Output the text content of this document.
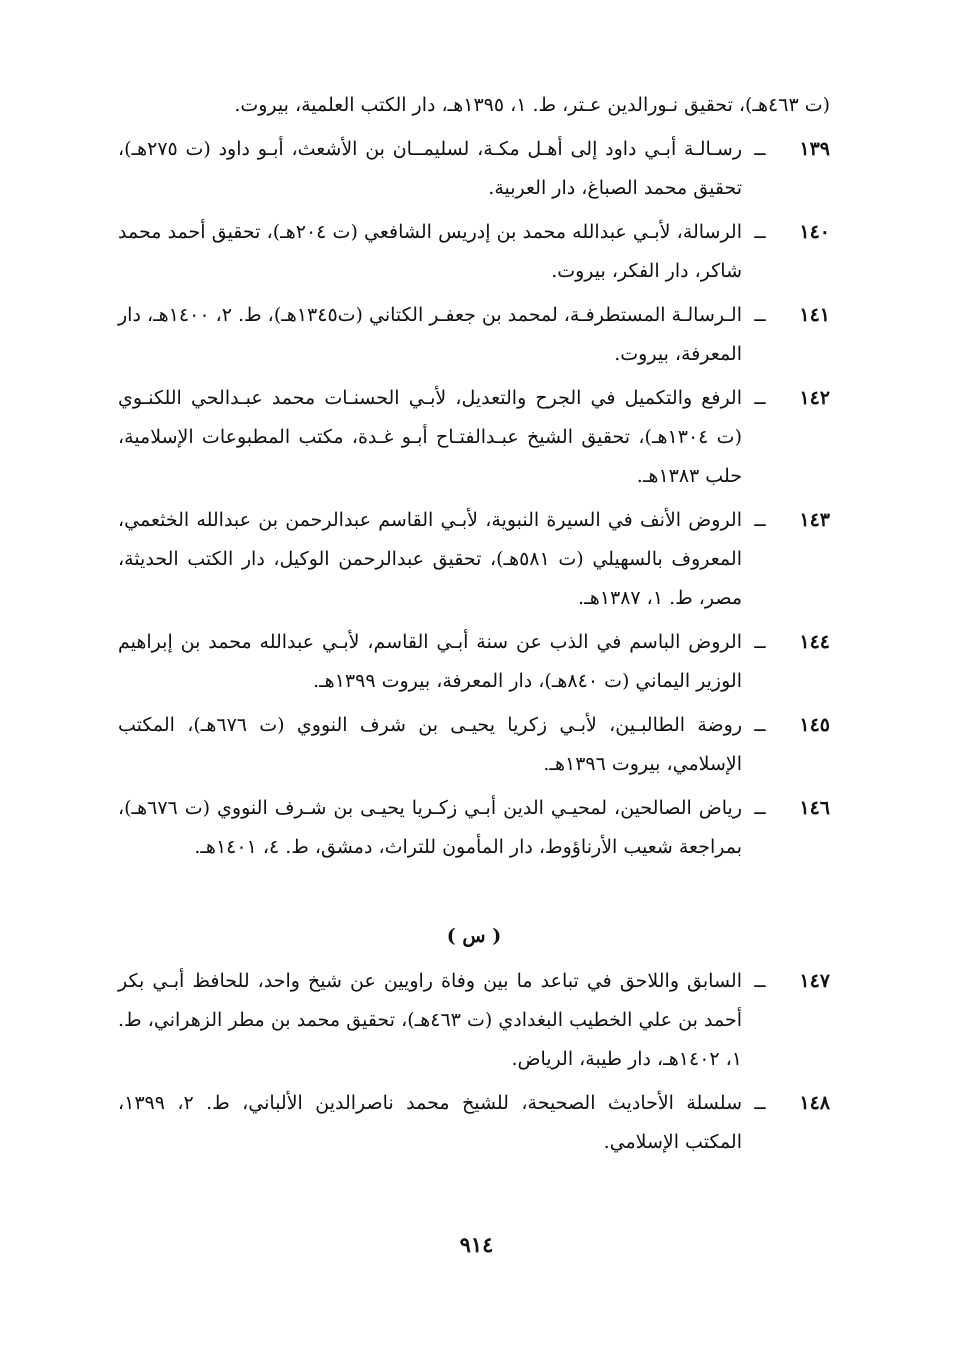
(ت ٤٦٣هـ)، تحقيق نـورالدين عـتر، ط. ١، ١٣٩٥هـ، دار الكتب العلمية، بيروت.
١٣٩
ــ
رسـالـة أبـي داود إلى أهـل مكـة، لسليمــان بن الأشعث، أبـو داود (ت ٢٧٥هـ)، تحقيق محمد الصباغ، دار العربية.
١٤٠
ــ
الرسالة، لأبـي عبدالله محمد بن إدريس الشافعي (ت ٢٠٤هـ)، تحقيق أحمد محمد شاكر، دار الفكر، بيروت.
١٤١
ــ
الـرسالـة المستطرفـة، لمحمد بن جعفـر الكتاني (ت١٣٤٥هـ)، ط. ٢، ١٤٠٠هـ، دار المعرفة، بيروت.
١٤٢
ــ
الرفع والتكميل في الجرح والتعديل، لأبـي الحسنـات محمد عبـدالحي اللكنـوي (ت ١٣٠٤هـ)، تحقيق الشيخ عبـدالفتـاح أبـو غـدة، مكتب المطبوعات الإسلامية، حلب ١٣٨٣هـ.
١٤٣
ــ
الروض الأنف في السيرة النبوية، لأبـي القاسم عبدالرحمن بن عبدالله الخثعمي، المعروف بالسهيلي (ت ٥٨١هـ)، تحقيق عبدالرحمن الوكيل، دار الكتب الحديثة، مصر، ط. ١، ١٣٨٧هـ.
١٤٤
ــ
الروض الباسم في الذب عن سنة أبـي القاسم، لأبـي عبدالله محمد بن إبراهيم الوزير اليماني (ت ٨٤٠هـ)، دار المعرفة، بيروت ١٣٩٩هـ.
١٤٥
ــ
روضة الطالبـين، لأبـي زكريا يحيـى بن شرف النووي (ت ٦٧٦هـ)، المكتب الإسلامي، بيروت ١٣٩٦هـ.
١٤٦
ــ
رياض الصالحين، لمحيـي الدين أبـي زكـريا يحيـى بن شـرف النووي (ت ٦٧٦هـ)، بمراجعة شعيب الأرناؤوط، دار المأمون للتراث، دمشق، ط. ٤، ١٤٠١هـ.
( س )
١٤٧
ــ
السابق واللاحق في تباعد ما بين وفاة راويين عن شيخ واحد، للحافظ أبـي بكر أحمد بن علي الخطيب البغدادي (ت ٤٦٣هـ)، تحقيق محمد بن مطر الزهراني، ط. ١، ١٤٠٢هـ، دار طيبة، الرياض.
١٤٨
ــ
سلسلة الأحاديث الصحيحة، للشيخ محمد ناصرالدين الألباني، ط. ٢، ١٣٩٩، المكتب الإسلامي.
٩١٤
